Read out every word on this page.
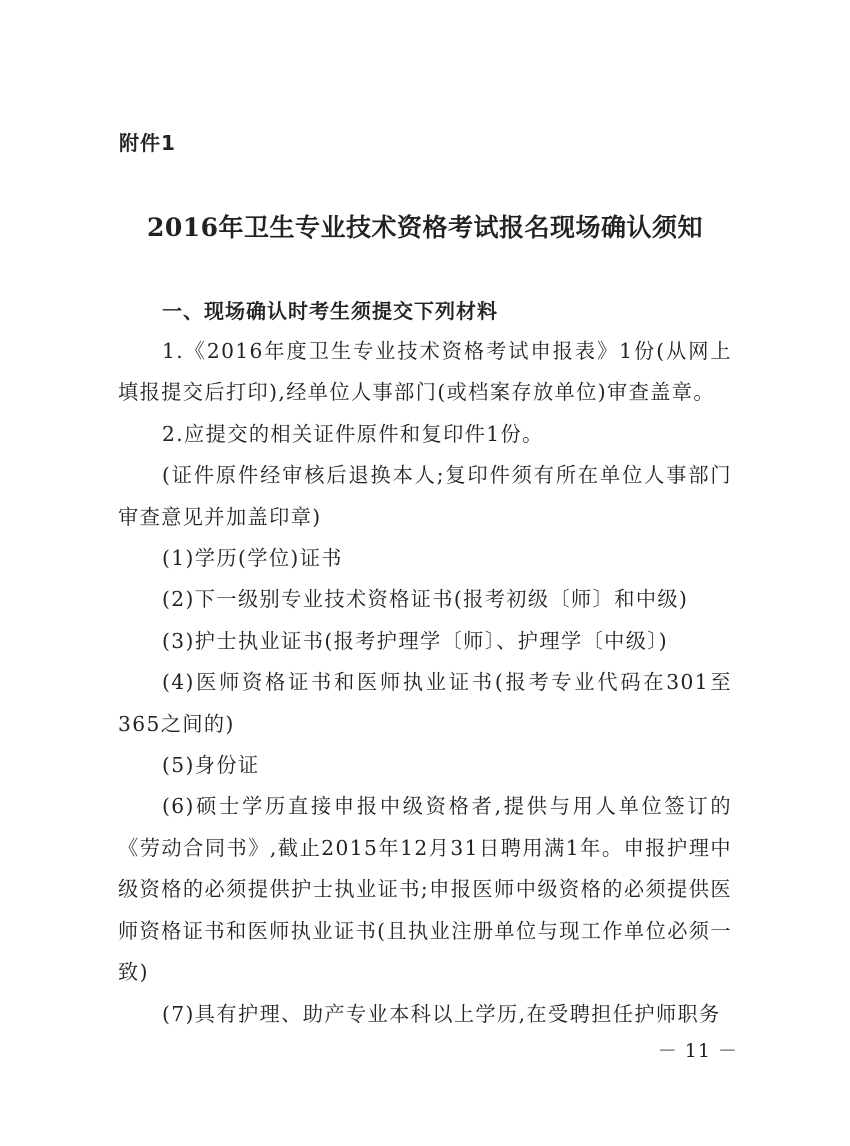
附件1
2016年卫生专业技术资格考试报名现场确认须知
一、现场确认时考生须提交下列材料

1.《2016年度卫生专业技术资格考试申报表》1份(从网上填报提交后打印),经单位人事部门(或档案存放单位)审查盖章。

2.应提交的相关证件原件和复印件1份。

(证件原件经审核后退换本人;复印件须有所在单位人事部门审查意见并加盖印章)

(1)学历(学位)证书

(2)下一级别专业技术资格证书(报考初级〔师〕和中级)

(3)护士执业证书(报考护理学〔师〕、护理学〔中级〕)

(4)医师资格证书和医师执业证书(报考专业代码在301至365之间的)

(5)身份证

(6)硕士学历直接申报中级资格者,提供与用人单位签订的《劳动合同书》,截止2015年12月31日聘用满1年。申报护理中级资格的必须提供护士执业证书;申报医师中级资格的必须提供医师资格证书和医师执业证书(且执业注册单位与现工作单位必须一致)

(7)具有护理、助产专业本科以上学历,在受聘担任护师职务

－ 11 －
